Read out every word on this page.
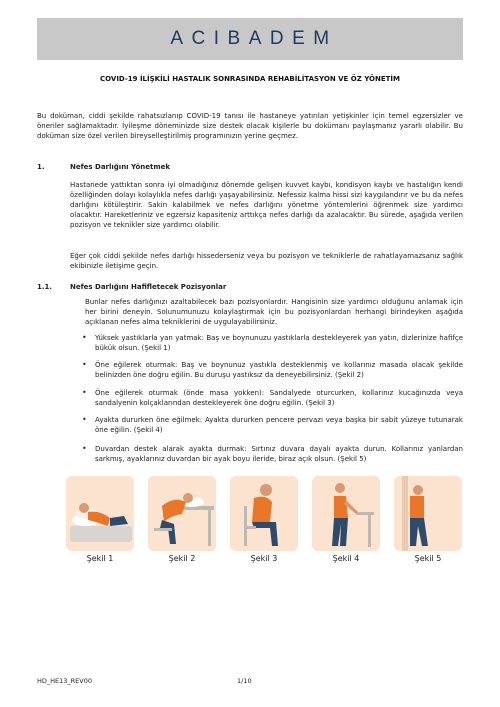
ACIBADEM
COVID-19 İLİŞKİLİ HASTALIK SONRASINDA REHABİLİTASYON VE ÖZ YÖNETİM
Bu doküman, ciddi şekilde rahatsızlanıp COVID-19 tanısı ile hastaneye yatırılan yetişkinler için temel egzersizler ve öneriler sağlamaktadır. İyileşme döneminizde size destek olacak kişilerle bu dokümanı paylaşmanız yararlı olabilir. Bu doküman size özel verilen bireyselleştirilmiş programınızın yerine geçmez.
1.	Nefes Darlığını Yönetmek
Hastanede yattıktan sonra iyi olmadığınız dönemde gelişen kuvvet kaybı, kondisyon kaybı ve hastalığın kendi özelliğinden dolayı kolaylıkla nefes darlığı yaşayabilirsiniz. Nefessiz kalma hissi sizi kaygılandırır ve bu da nefes darlığını kötüleştirir. Sakin kalabilmek ve nefes darlığını yönetme yöntemlerini öğrenmek size yardımcı olacaktır. Hareketleriniz ve egzersiz kapasiteniz arttıkça nefes darlığı da azalacaktır. Bu sürede, aşağıda verilen pozisyon ve teknikler size yardımcı olabilir.
Eğer çok ciddi şekilde nefes darlığı hissederseniz veya bu pozisyon ve tekniklerle de rahatlayamazsanız sağlık ekibinizle iletişime geçin.
1.1.	Nefes Darlığını Hafifletecek Pozisyonlar
Bunlar nefes darlığınızı azaltabilecek bazı pozisyonlardır. Hangisinin size yardımcı olduğunu anlamak için her birini deneyin. Solunumunuzu kolaylaştırmak için bu pozisyonlardan herhangi birindeyken aşağıda açıklanan nefes alma tekniklerini de uygulayabilirsiniz.
• Yüksek yastıklarla yan yatmak: Baş ve boynunuzu yastıklarla destekleyerek yan yatın, dizlerinize hafifçe bükük olsun. (Şekil 1)
• Öne eğilerek oturmak: Baş ve boynunuz yastıkla desteklenmiş ve kollarınız masada olacak şekilde belinizden öne doğru eğilin. Bu duruşu yastıksız da deneyebilirsiniz. (Şekil 2)
• Öne eğilerek oturmak (önde masa yokken): Sandalyede oturcurken, kollarınız kucağınızda veya sandalyenin kolçaklarından destekleyerek öne doğru eğilin. (Şekil 3)
• Ayakta dururken öne eğilmek: Ayakta dururken pencere pervazı veya başka bir sabit yüzeye tutunarak öne eğilin. (Şekil 4)
• Duvardan destek alarak ayakta durmak: Sırtınız duvara dayalı ayakta durun. Kollarınız yanlardan sarkmış, ayaklarınız duvardan bir ayak boyu ileride, biraz açık olsun. (Şekil 5)
Şekil 1	Şekil 2	Şekil 3	Şekil 4	Şekil 5
HD_HE13_REV00	1/10
